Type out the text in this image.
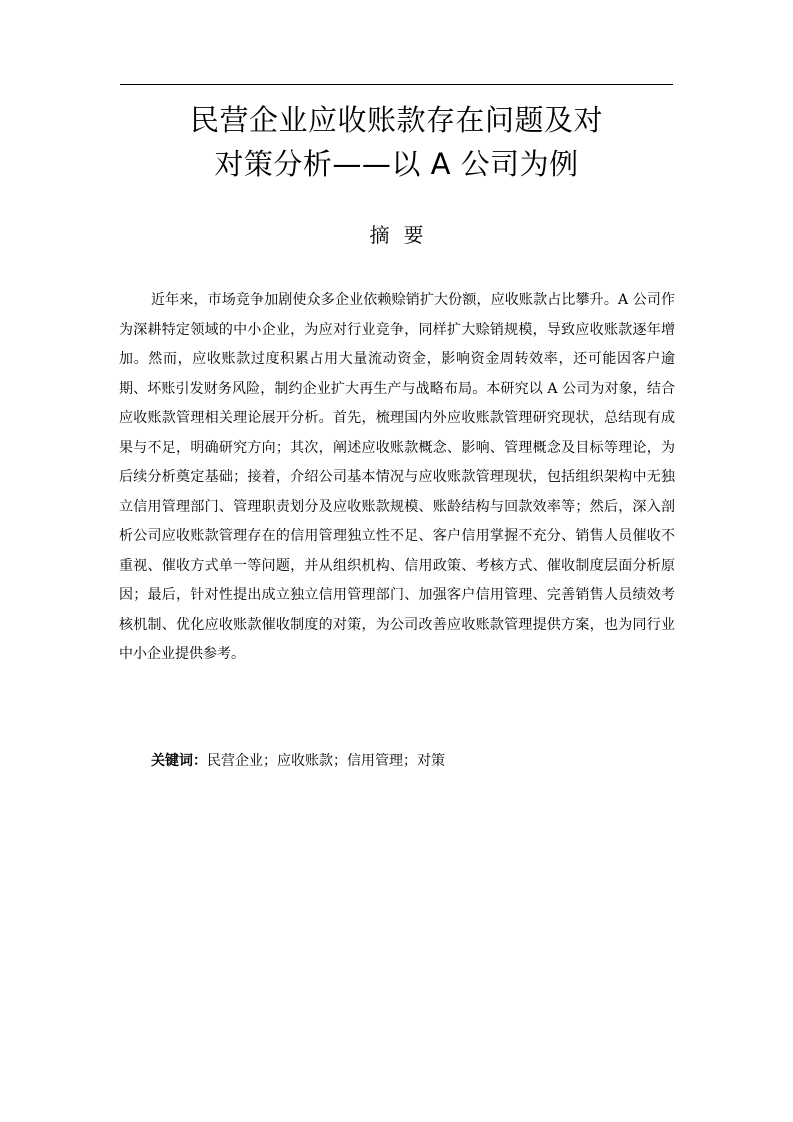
民营企业应收账款存在问题及对
对策分析——以 A 公司为例
摘要

近年来，市场竞争加剧使众多企业依赖赊销扩大份额，应收账款占比攀升。A 公司作为深耕特定领域的中小企业，为应对行业竞争，同样扩大赊销规模，导致应收账款逐年增加。然而，应收账款过度积累占用大量流动资金，影响资金周转效率，还可能因客户逾期、坏账引发财务风险，制约企业扩大再生产与战略布局。本研究以 A 公司为对象，结合应收账款管理相关理论展开分析。首先，梳理国内外应收账款管理研究现状，总结现有成果与不足，明确研究方向；其次，阐述应收账款概念、影响、管理概念及目标等理论，为后续分析奠定基础；接着，介绍公司基本情况与应收账款管理现状，包括组织架构中无独立信用管理部门、管理职责划分及应收账款规模、账龄结构与回款效率等；然后，深入剖析公司应收账款管理存在的信用管理独立性不足、客户信用掌握不充分、销售人员催收不重视、催收方式单一等问题，并从组织机构、信用政策、考核方式、催收制度层面分析原因；最后，针对性提出成立独立信用管理部门、加强客户信用管理、完善销售人员绩效考核机制、优化应收账款催收制度的对策，为公司改善应收账款管理提供方案，也为同行业中小企业提供参考。

关键词：民营企业；应收账款；信用管理；对策
